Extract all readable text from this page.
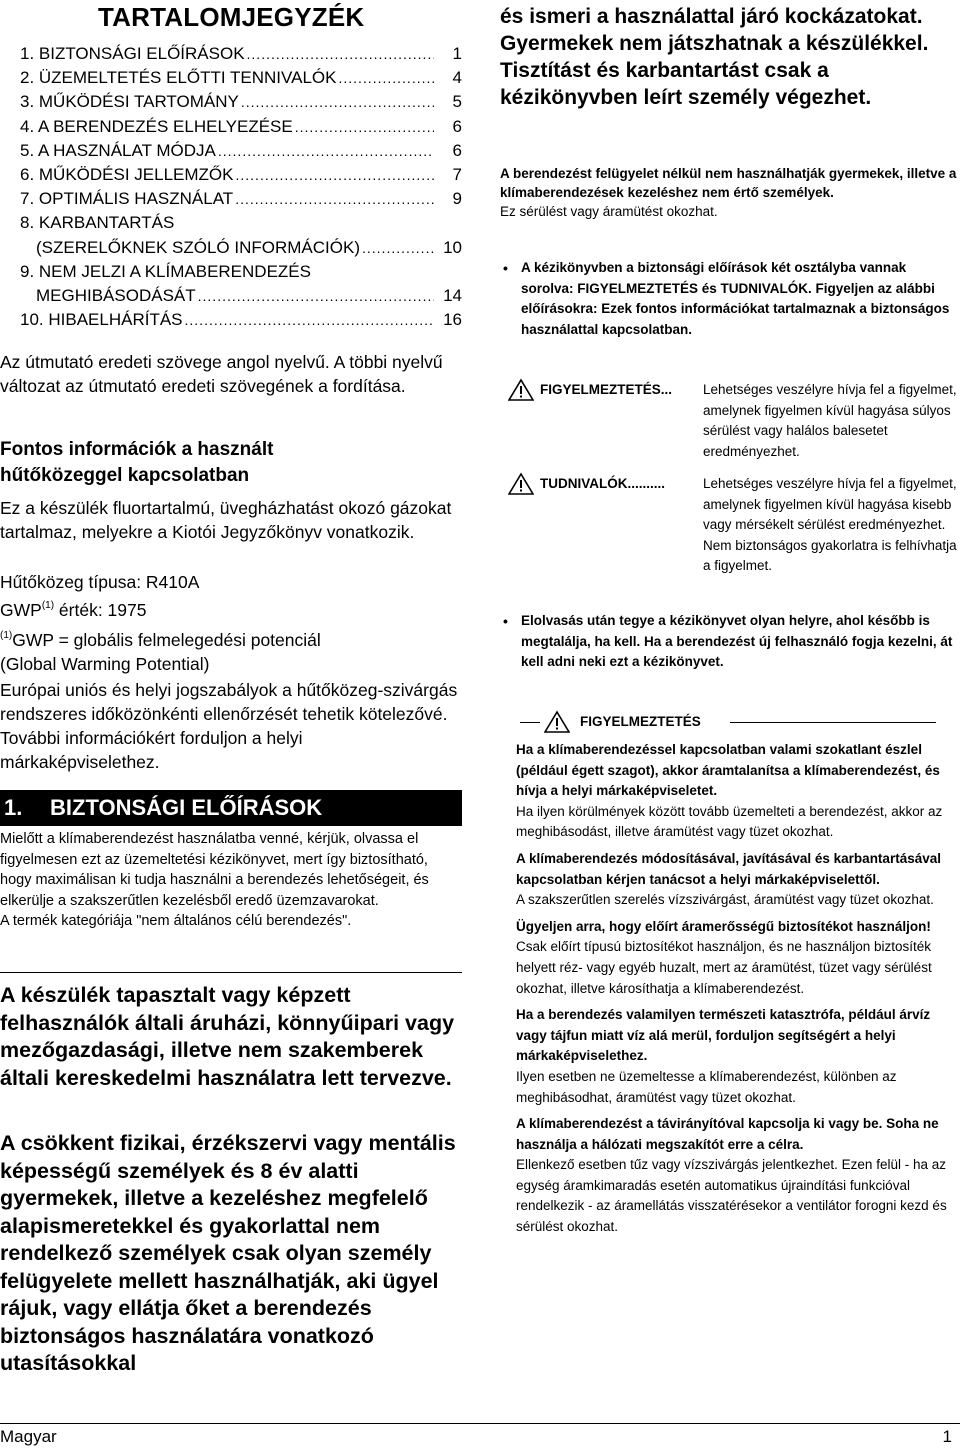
TARTALOMJEGYZÉK
1. BIZTONSÁGI ELŐÍRÁSOK .....	1
2. ÜZEMELTETÉS ELŐTTI TENNIVALÓK .....	4
3. MŰKÖDÉSI TARTOMÁNY .....	5
4. A BERENDEZÉS ELHELYEZÉSE .....	6
5. A HASZNÁLAT MÓDJA .....	6
6. MŰKÖDÉSI JELLEMZŐK .....	7
7. OPTIMÁLIS HASZNÁLAT .....	9
8. KARBANTARTÁS
(SZERELŐKNEK SZÓLÓ INFORMÁCIÓK) .....	10
9. NEM JELZI A KLÍMABERENDEZÉS
MEGHIBÁSODÁSÁT .....	14
10. HIBAELHÁRÍTÁS .....	16
Az útmutató eredeti szövege angol nyelvű. A többi nyelvű változat az útmutató eredeti szövegének a fordítása.
Fontos információk a használt
hűtőközeggel kapcsolatban
Ez a készülék fluortartalmú, üvegházhatást okozó gázokat tartalmaz, melyekre a Kiotói Jegyzőkönyv vonatkozik.
Hűtőközeg típusa: R410A
GWP$^{(1)}$ érték: 1975
$^{(1)}$GWP = globális felmelegedési potenciál
(Global Warming Potential)
Európai uniós és helyi jogszabályok a hűtőközeg-szivárgás rendszeres időközönkénti ellenőrzését tehetik kötelezővé. További információkért forduljon a helyi márkaképviselethez.
1. BIZTONSÁGI ELŐÍRÁSOK
Mielőtt a klímaberendezést használatba venné, kérjük, olvassa el figyelmesen ezt az üzemeltetési kézikönyvet, mert így biztosítható, hogy maximálisan ki tudja használni a berendezés lehetőségeit, és elkerülje a szakszerűtlen kezelésből eredő üzemzavarokat.
A termék kategóriája "nem általános célú berendezés".
A készülék tapasztalt vagy képzett felhasználók általi áruházi, könnyűipari vagy mezőgazdasági, illetve nem szakemberek általi kereskedelmi használatra lett tervezve.
A csökkent fizikai, érzékszervi vagy mentális képességű személyek és 8 év alatti gyermekek, illetve a kezeléshez megfelelő alapismeretekkel és gyakorlattal nem rendelkező személyek csak olyan személy felügyelete mellett használhatják, aki ügyel rájuk, vagy ellátja őket a berendezés biztonságos használatára vonatkozó utasításokkal
és ismeri a használattal járó kockázatokat. Gyermekek nem játszhatnak a készülékkel. Tisztítást és karbantartást csak a kézikönyvben leírt személy végezhet.
A berendezést felügyelet nélkül nem használhatják gyermekek, illetve a klímaberendezések kezeléshez nem értő személyek.
Ez sérülést vagy áramütést okozhat.
• A kézikönyvben a biztonsági előírások két osztályba vannak sorolva: FIGYELMEZTETÉS és TUDNIVALÓK. Figyeljen az alábbi előírásokra: Ezek fontos információkat tartalmaznak a biztonságos használattal kapcsolatban.
FIGYELMEZTETÉS... Lehetséges veszélyre hívja fel a figyelmet, amelynek figyelmen kívül hagyása súlyos sérülést vagy halálos balesetet eredményezhet.
TUDNIVALÓK..........	Lehetséges veszélyre hívja fel a figyelmet, amelynek figyelmen kívül hagyása kisebb vagy mérsékelt sérülést eredményezhet. Nem biztonságos gyakorlatra is felhívhatja a figyelmet.
• Elolvasás után tegye a kézikönyvet olyan helyre, ahol később is megtalálja, ha kell. Ha a berendezést új felhasználó fogja kezelni, át kell adni neki ezt a kézikönyvet.
FIGYELMEZTETÉS
Ha a klímaberendezéssel kapcsolatban valami szokatlant észlel (például égett szagot), akkor áramtalanítsa a klímaberendezést, és hívja a helyi márkaképviseletet.
Ha ilyen körülmények között tovább üzemelteti a berendezést, akkor az meghibásodást, illetve áramütést vagy tüzet okozhat.
A klímaberendezés módosításával, javításával és karbantartásával kapcsolatban kérjen tanácsot a helyi márkaképviselettől.
A szakszerűtlen szerelés vízszivárgást, áramütést vagy tüzet okozhat.
Ügyeljen arra, hogy előírt áramerősségű biztosítékot használjon!
Csak előírt típusú biztosítékot használjon, és ne használjon biztosíték helyett réz- vagy egyéb huzalt, mert az áramütést, tüzet vagy sérülést okozhat, illetve károsíthatja a klímaberendezést.
Ha a berendezés valamilyen természeti katasztrófa, például árvíz vagy tájfun miatt víz alá merül, forduljon segítségért a helyi márkaképviselethez.
Ilyen esetben ne üzemeltesse a klímaberendezést, különben az meghibásodhat, áramütést vagy tüzet okozhat.
A klímaberendezést a távirányítóval kapcsolja ki vagy be. Soha ne használja a hálózati megszakítót erre a célra.
Ellenkező esetben tűz vagy vízszivárgás jelentkezhet. Ezen felül - ha az egység áramkimaradás esetén automatikus újraindítási funkcióval rendelkezik - az áramellátás visszatérésekor a ventilátor forogni kezd és sérülést okozhat.
Magyar	1
